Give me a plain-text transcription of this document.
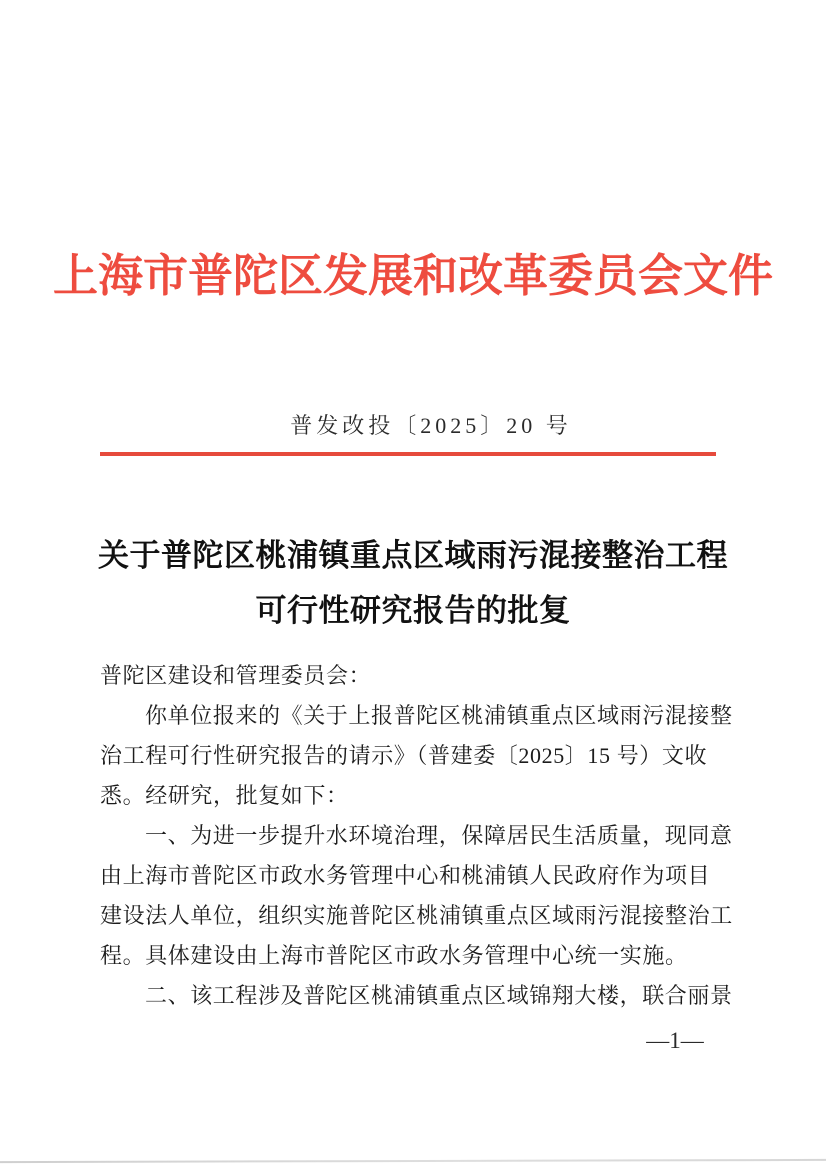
上海市普陀区发展和改革委员会文件
普发改投〔2025〕20 号
关于普陀区桃浦镇重点区域雨污混接整治工程
可行性研究报告的批复
普陀区建设和管理委员会：
你单位报来的《关于上报普陀区桃浦镇重点区域雨污混接整
治工程可行性研究报告的请示》（普建委〔2025〕15 号）文收
悉。经研究，批复如下：
一、为进一步提升水环境治理，保障居民生活质量，现同意
由上海市普陀区市政水务管理中心和桃浦镇人民政府作为项目
建设法人单位，组织实施普陀区桃浦镇重点区域雨污混接整治工
程。具体建设由上海市普陀区市政水务管理中心统一实施。
二、该工程涉及普陀区桃浦镇重点区域锦翔大楼，联合丽景
—1—
